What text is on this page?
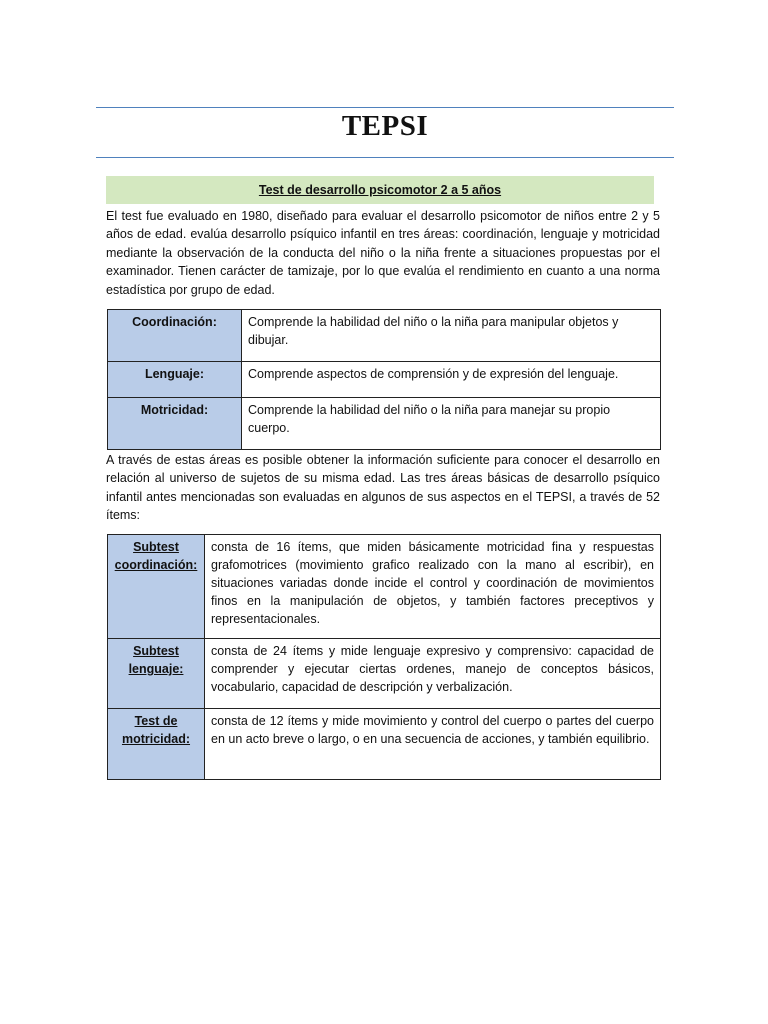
TEPSI
Test de desarrollo psicomotor 2 a 5 años
El test fue evaluado en 1980, diseñado para evaluar el desarrollo psicomotor de niños entre 2 y 5 años de edad. evalúa desarrollo psíquico infantil en tres áreas: coordinación, lenguaje y motricidad mediante la observación de la conducta del niño o la niña frente a situaciones propuestas por el examinador. Tienen carácter de tamizaje, por lo que evalúa el rendimiento en cuanto a una norma estadística por grupo de edad.
Coordinación:	Comprende la habilidad del niño o la niña para manipular objetos y dibujar.
Lenguaje:	Comprende aspectos de comprensión y de expresión del lenguaje.
Motricidad:	Comprende la habilidad del niño o la niña para manejar su propio cuerpo.
A través de estas áreas es posible obtener la información suficiente para conocer el desarrollo en relación al universo de sujetos de su misma edad. Las tres áreas básicas de desarrollo psíquico infantil antes mencionadas son evaluadas en algunos de sus aspectos en el TEPSI, a través de 52 ítems:
Subtest coordinación:	consta de 16 ítems, que miden básicamente motricidad fina y respuestas grafomotrices (movimiento grafico realizado con la mano al escribir), en situaciones variadas donde incide el control y coordinación de movimientos finos en la manipulación de objetos, y también factores preceptivos y representacionales.
Subtest lenguaje:	consta de 24 ítems y mide lenguaje expresivo y comprensivo: capacidad de comprender y ejecutar ciertas ordenes, manejo de conceptos básicos, vocabulario, capacidad de descripción y verbalización.
Test de motricidad:	consta de 12 ítems y mide movimiento y control del cuerpo o partes del cuerpo en un acto breve o largo, o en una secuencia de acciones, y también equilibrio.
